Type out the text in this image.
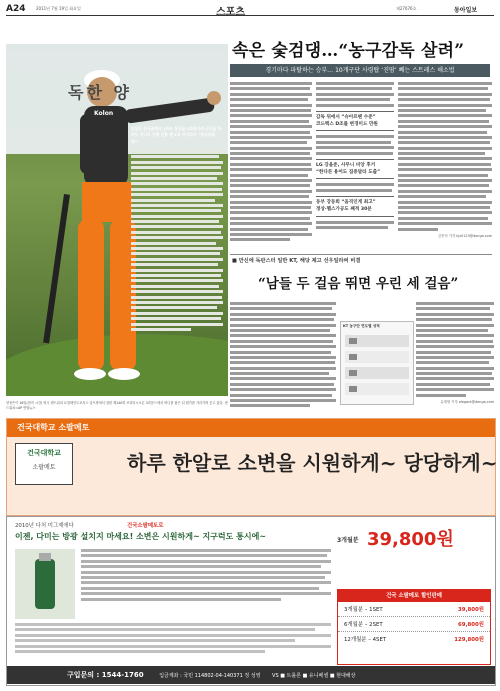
A24	2011년 7월 19일 화요일	스포츠	제27676호	동아일보
Kolon
독한 양
삼삼은 존극골에서 1하우 삼숭을 1라위사며 근성을 하며도 아니다 선배 진통 팬 1위 아이다나 “탕도조워변?”
양용은이 16일(현지 시간) 영국 샌드위치 로열세인트조지스 골프장에서 열린 제140회 브리티시오픈 3라운드에서 버디를 잡은 뒤 뭔가를 가리키며 웃고 있다. 샌드위치=AP 연합뉴스
속은 숯검댕…“농구감독 살려”
경기마다 파탈하는 승부… 10개구단 사령탑 ‘진땀’ 빼는 스트레스 해소법
감독 뒤에서 “슈아르팬 수준”
코드백스 D조를 변경미드 만원
LG 강을준, 사무니 비앙 후거
“한다른 용어도 집중달라 도출”
동부 강동희 “움직인게 최고”
정상·헬스가공도 째적 30분
김종석 기자 kjs0123@donga.com
■ 만신에 독판스터 일반 KT, 해당 제고 선우일라써 비결
“남들 두 걸음 뛰면 우린 세 걸음”
KT 농구단 연도별 성적
유재영 기자 elegant@donga.com
건국대학교 소팔메토
건국대학교
소팔메토	하루 한알로 소변을 시원하게~ 당당하게~
2010년 다처 미그제에다	건국소팔메토로
이젠, 다미는 방광 설치지 마세요! 소변은 시원하게~ 지구럭도 통시에~	3개월분 39,800원
건국 소팔메토 할인판매
3개월분 – 1SET	39,800원
6개월분 – 2SET	69,800원
12개월분 – 4SET	129,800원
구입문의 : 1544-1760	입금계좌 : 국민 114802-04-140371 정 성영 VS ■ 트롤론 ■ 유니베셀 ■ 현대해상
